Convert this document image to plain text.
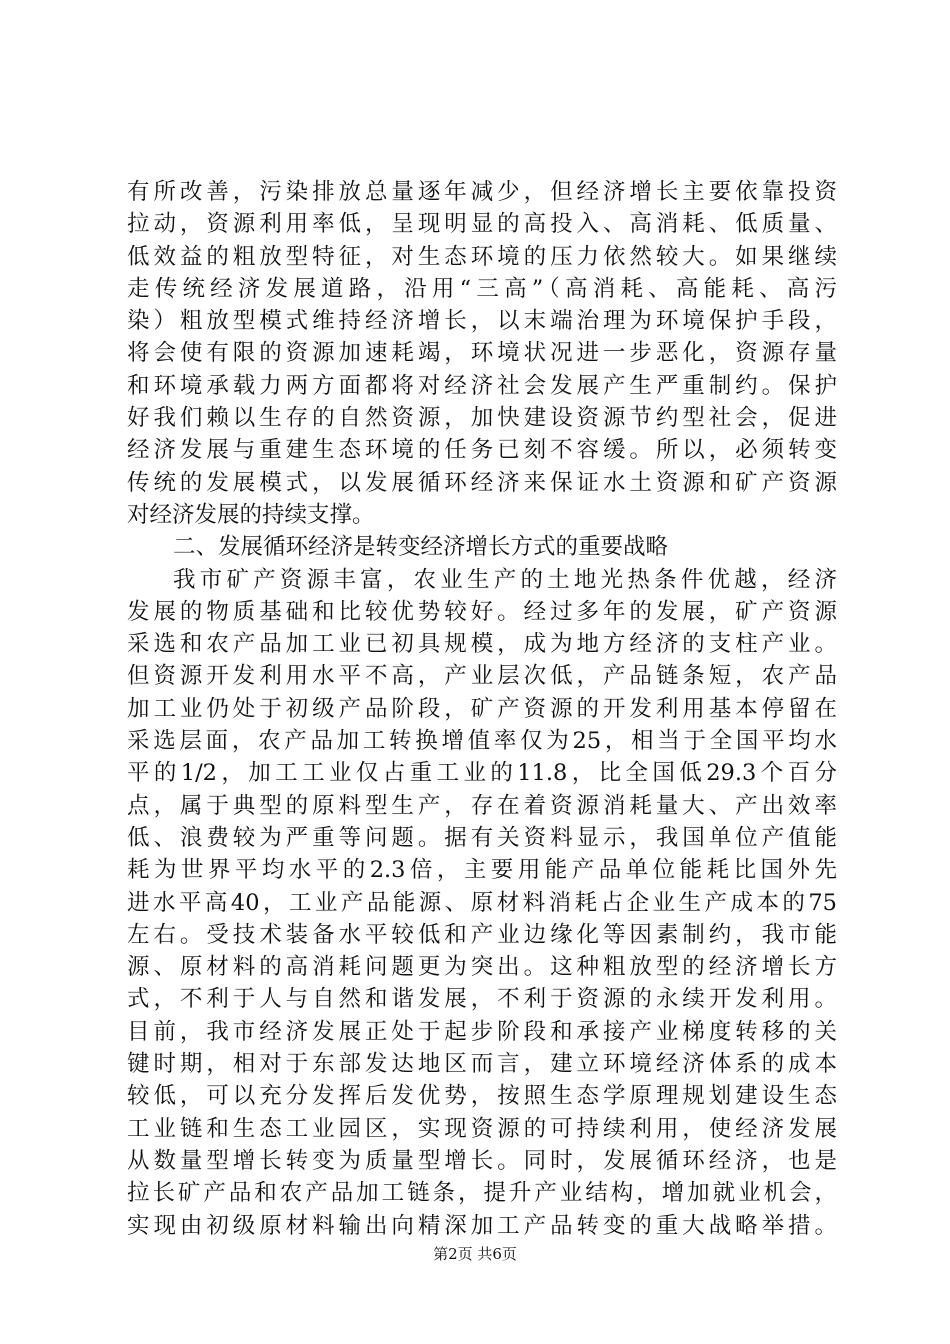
有所改善，污染排放总量逐年减少，但经济增长主要依靠投资
拉动，资源利用率低，呈现明显的高投入、高消耗、低质量、
低效益的粗放型特征，对生态环境的压力依然较大。如果继续
走传统经济发展道路，沿用“三高”（高消耗、高能耗、高污
染）粗放型模式维持经济增长，以末端治理为环境保护手段，
将会使有限的资源加速耗竭，环境状况进一步恶化，资源存量
和环境承载力两方面都将对经济社会发展产生严重制约。保护
好我们赖以生存的自然资源，加快建设资源节约型社会，促进
经济发展与重建生态环境的任务已刻不容缓。所以，必须转变
传统的发展模式，以发展循环经济来保证水土资源和矿产资源
对经济发展的持续支撑。
二、发展循环经济是转变经济增长方式的重要战略
我市矿产资源丰富，农业生产的土地光热条件优越，经济
发展的物质基础和比较优势较好。经过多年的发展，矿产资源
采选和农产品加工业已初具规模，成为地方经济的支柱产业。
但资源开发利用水平不高，产业层次低，产品链条短，农产品
加工业仍处于初级产品阶段，矿产资源的开发利用基本停留在
采选层面，农产品加工转换增值率仅为25，相当于全国平均水
平的1/2，加工工业仅占重工业的11.8，比全国低29.3个百分
点，属于典型的原料型生产，存在着资源消耗量大、产出效率
低、浪费较为严重等问题。据有关资料显示，我国单位产值能
耗为世界平均水平的2.3倍，主要用能产品单位能耗比国外先
进水平高40，工业产品能源、原材料消耗占企业生产成本的75
左右。受技术装备水平较低和产业边缘化等因素制约，我市能
源、原材料的高消耗问题更为突出。这种粗放型的经济增长方
式，不利于人与自然和谐发展，不利于资源的永续开发利用。
目前，我市经济发展正处于起步阶段和承接产业梯度转移的关
键时期，相对于东部发达地区而言，建立环境经济体系的成本
较低，可以充分发挥后发优势，按照生态学原理规划建设生态
工业链和生态工业园区，实现资源的可持续利用，使经济发展
从数量型增长转变为质量型增长。同时，发展循环经济，也是
拉长矿产品和农产品加工链条，提升产业结构，增加就业机会，
实现由初级原材料输出向精深加工产品转变的重大战略举措。
第2页 共6页
